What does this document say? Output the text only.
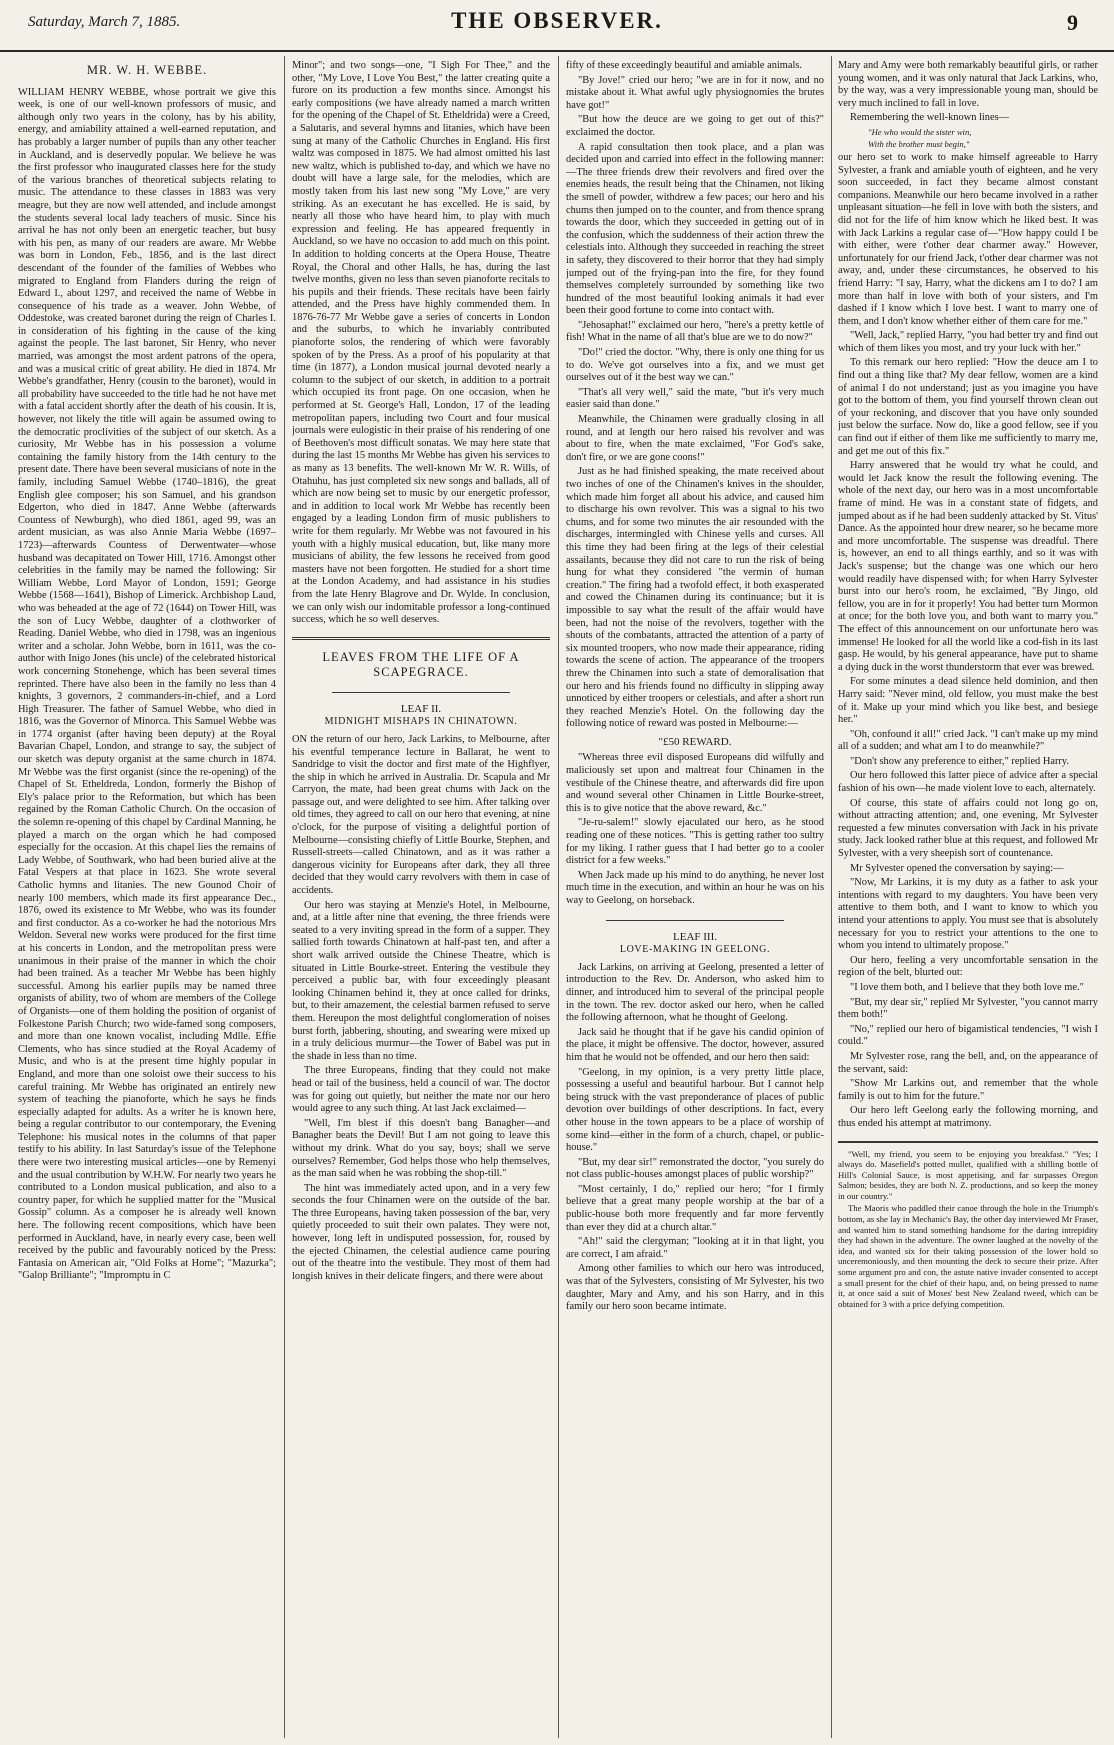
Saturday, March 7, 1885.	THE OBSERVER.	9
MR. W. H. WEBBE.

WILLIAM HENRY WEBBE, whose portrait we give this week, is one of our well-known professors of music, and although only two years in the colony, has by his ability, energy, and amiability attained a well-earned reputation, and has probably a larger number of pupils than any other teacher in Auckland, and is deservedly popular. We believe he was the first professor who inaugurated classes here for the study of the various branches of theoretical subjects relating to music. The attendance to these classes in 1883 was very meagre, but they are now well attended, and include amongst the students several local lady teachers of music. Since his arrival he has not only been an energetic teacher, but busy with his pen, as many of our readers are aware. Mr Webbe was born in London, Feb., 1856, and is the last direct descendant of the founder of the families of Webbes who migrated to England from Flanders during the reign of Edward I., about 1297, and received the name of Webbe in consequence of his trade as a weaver. John Webbe, of Oddestoke, was created baronet during the reign of Charles I. in consideration of his fighting in the cause of the king against the people. The last baronet, Sir Henry, who never married, was amongst the most ardent patrons of the opera, and was a musical critic of great ability. He died in 1874. Mr Webbe's grandfather, Henry (cousin to the baronet), would in all probability have succeeded to the title had he not have met with a fatal accident shortly after the death of his cousin. It is, however, not likely the title will again be assumed owing to the democratic proclivities of the subject of our sketch. As a curiosity, Mr Webbe has in his possession a volume containing the family history from the 14th century to the present date. There have been several musicians of note in the family, including Samuel Webbe (1740–1816), the great English glee composer; his son Samuel, and his grandson Edgerton, who died in 1847. Anne Webbe (afterwards Countess of Newburgh), who died 1861, aged 99, was an ardent musician, as was also Annie Maria Webbe (1697–1723)—afterwards Countess of Derwentwater—whose husband was decapitated on Tower Hill, 1716. Amongst other celebrities in the family may be named the following: Sir William Webbe, Lord Mayor of London, 1591; George Webbe (1568—1641), Bishop of Limerick. Archbishop Laud, who was beheaded at the age of 72 (1644) on Tower Hill, was the son of Lucy Webbe, daughter of a clothworker of Reading. Daniel Webbe, who died in 1798, was an ingenious writer and a scholar. John Webbe, born in 1611, was the co-author with Inigo Jones (his uncle) of the celebrated historical work concerning Stonehenge, which has been several times reprinted. There have also been in the family no less than 4 knights, 3 governors, 2 commanders-in-chief, and a Lord High Treasurer. The father of Samuel Webbe, who died in 1816, was the Governor of Minorca. This Samuel Webbe was in 1774 organist (after having been deputy) at the Royal Bavarian Chapel, London, and strange to say, the subject of our sketch was deputy organist at the same church in 1874. Mr Webbe was the first organist (since the re-opening) of the Chapel of St. Etheldreda, London, formerly the Bishop of Ely's palace prior to the Reformation, but which has been regained by the Roman Catholic Church. On the occasion of the solemn re-opening of this chapel by Cardinal Manning, he played a march on the organ which he had composed especially for the occasion. At this chapel lies the remains of Lady Webbe, of Southwark, who had been buried alive at the Fatal Vespers at that place in 1623. She wrote several Catholic hymns and litanies. The new Gounod Choir of nearly 100 members, which made its first appearance Dec., 1876, owed its existence to Mr Webbe, who was its founder and first conductor. As a co-worker he had the notorious Mrs Weldon. Several new works were produced for the first time at his concerts in London, and the metropolitan press were unanimous in their praise of the manner in which the choir had been trained. As a teacher Mr Webbe has been highly successful. Among his earlier pupils may be named three organists of ability, two of whom are members of the College of Organists—one of them holding the position of organist of Folkestone Parish Church; two wide-famed song composers, and more than one known vocalist, including Mdlle. Effie Clements, who has since studied at the Royal Academy of Music, and who is at the present time highly popular in England, and more than one soloist owe their success to his careful training. Mr Webbe has originated an entirely new system of teaching the pianoforte, which he says he finds especially adapted for adults. As a writer he is known here, being a regular contributor to our contemporary, the Evening Telephone: his musical notes in the columns of that paper testify to his ability. In last Saturday's issue of the Telephone there were two interesting musical articles—one by Remenyi and the usual contribution by W.H.W. For nearly two years he contributed to a London musical publication, and also to a country paper, for which he supplied matter for the "Musical Gossip" column. As a composer he is already well known here. The following recent compositions, which have been performed in Auckland, have, in nearly every case, been well received by the public and favourably noticed by the Press: Fantasia on American air, "Old Folks at Home"; "Mazurka"; "Galop Brilliante"; "Impromptu in C

Minor"; and two songs—one, "I Sigh For Thee," and the other, "My Love, I Love You Best," the latter creating quite a furore on its production a few months since. Amongst his early compositions (we have already named a march written for the opening of the Chapel of St. Etheldrida) were a Creed, a Salutaris, and several hymns and litanies, which have been sung at many of the Catholic Churches in England. His first waltz was composed in 1875. We had almost omitted his last new waltz, which is published to-day, and which we have no doubt will have a large sale, for the melodies, which are mostly taken from his last new song "My Love," are very striking. As an executant he has excelled. He is said, by nearly all those who have heard him, to play with much expression and feeling. He has appeared frequently in Auckland, so we have no occasion to add much on this point. In addition to holding concerts at the Opera House, Theatre Royal, the Choral and other Halls, he has, during the last twelve months, given no less than seven pianoforte recitals to his pupils and their friends. These recitals have been fairly attended, and the Press have highly commended them. In 1876-76-77 Mr Webbe gave a series of concerts in London and the suburbs, to which he invariably contributed pianoforte solos, the rendering of which were favorably spoken of by the Press. As a proof of his popularity at that time (in 1877), a London musical journal devoted nearly a column to the subject of our sketch, in addition to a portrait which occupied its front page. On one occasion, when he performed at St. George's Hall, London, 17 of the leading metropolitan papers, including two Court and four musical journals were eulogistic in their praise of his rendering of one of Beethoven's most difficult sonatas. We may here state that during the last 15 months Mr Webbe has given his services to as many as 13 benefits. The well-known Mr W. R. Wills, of Otahuhu, has just completed six new songs and ballads, all of which are now being set to music by our energetic professor, and in addition to local work Mr Webbe has recently been engaged by a leading London firm of music publishers to write for them regularly. Mr Webbe was not favoured in his youth with a highly musical education, but, like many more musicians of ability, the few lessons he received from good masters have not been forgotten. He studied for a short time at the London Academy, and had assistance in his studies from the late Henry Blagrove and Dr. Wylde. In conclusion, we can only wish our indomitable professor a long-continued success, which he so well deserves.

LEAVES FROM THE LIFE OF A SCAPEGRACE.
LEAF II.
MIDNIGHT MISHAPS IN CHINATOWN.

ON the return of our hero, Jack Larkins, to Melbourne, after his eventful temperance lecture in Ballarat, he went to Sandridge to visit the doctor and first mate of the Highflyer, the ship in which he arrived in Australia. Dr. Scapula and Mr Carryon, the mate, had been great chums with Jack on the passage out, and were delighted to see him. After talking over old times, they agreed to call on our hero that evening, at nine o'clock, for the purpose of visiting a delightful portion of Melbourne—consisting chiefly of Little Bourke, Stephen, and Russell-streets—called Chinatown, and as it was rather a dangerous vicinity for Europeans after dark, they all three decided that they would carry revolvers with them in case of accidents.

Our hero was staying at Menzie's Hotel, in Melbourne, and, at a little after nine that evening, the three friends were seated to a very inviting spread in the form of a supper. They sallied forth towards Chinatown at half-past ten, and after a short walk arrived outside the Chinese Theatre, which is situated in Little Bourke-street. Entering the vestibule they perceived a public bar, with four exceedingly pleasant looking Chinamen behind it, they at once called for drinks, but, to their amazement, the celestial barmen refused to serve them. Hereupon the most delightful conglomeration of noises burst forth, jabbering, shouting, and swearing were mixed up in a truly delicious murmur—the Tower of Babel was put in the shade in less than no time.

The three Europeans, finding that they could not make head or tail of the business, held a council of war. The doctor was for going out quietly, but neither the mate nor our hero would agree to any such thing. At last Jack exclaimed—

"Well, I'm blest if this doesn't bang Banagher—and Banagher beats the Devil! But I am not going to leave this without my drink. What do you say, boys; shall we serve ourselves? Remember, God helps those who help themselves, as the man said when he was robbing the shop-till."

The hint was immediately acted upon, and in a very few seconds the four Chinamen were on the outside of the bar. The three Europeans, having taken possession of the bar, very quietly proceeded to suit their own palates. They were not, however, long left in undisputed possession, for, roused by the ejected Chinamen, the celestial audience came pouring out of the theatre into the vestibule. They most of them had longish knives in their delicate fingers, and there were about

fifty of these exceedingly beautiful and amiable animals.

"By Jove!" cried our hero; "we are in for it now, and no mistake about it. What awful ugly physiognomies the brutes have got!"

"But how the deuce are we going to get out of this?" exclaimed the doctor.

A rapid consultation then took place, and a plan was decided upon and carried into effect in the following manner:—The three friends drew their revolvers and fired over the enemies heads, the result being that the Chinamen, not liking the smell of powder, withdrew a few paces; our hero and his chums then jumped on to the counter, and from thence sprang towards the door, which they succeeded in getting out of in the confusion, which the suddenness of their action threw the celestials into. Although they succeeded in reaching the street in safety, they discovered to their horror that they had simply jumped out of the frying-pan into the fire, for they found themselves completely surrounded by something like two hundred of the most beautiful looking animals it had ever been their good fortune to come into contact with.

"Jehosaphat!" exclaimed our hero, "here's a pretty kettle of fish! What in the name of all that's blue are we to do now?"

"Do!" cried the doctor. "Why, there is only one thing for us to do. We've got ourselves into a fix, and we must get ourselves out of it the best way we can."

"That's all very well," said the mate, "but it's very much easier said than done."

Meanwhile, the Chinamen were gradually closing in all round, and at length our hero raised his revolver and was about to fire, when the mate exclaimed, "For God's sake, don't fire, or we are gone coons!"

Just as he had finished speaking, the mate received about two inches of one of the Chinamen's knives in the shoulder, which made him forget all about his advice, and caused him to discharge his own revolver. This was a signal to his two chums, and for some two minutes the air resounded with the discharges, intermingled with Chinese yells and curses. All this time they had been firing at the legs of their celestial assailants, because they did not care to run the risk of being hung for what they considered "the vermin of human creation." The firing had a twofold effect, it both exasperated and cowed the Chinamen during its continuance; but it is impossible to say what the result of the affair would have been, had not the noise of the revolvers, together with the shouts of the combatants, attracted the attention of a party of six mounted troopers, who now made their appearance, riding towards the scene of action. The appearance of the troopers threw the Chinamen into such a state of demoralisation that our hero and his friends found no difficulty in slipping away unnoticed by either troopers or celestials, and after a short run they reached Menzie's Hotel. On the following day the following notice of reward was posted in Melbourne:—

"£50 REWARD.

"Whereas three evil disposed Europeans did wilfully and maliciously set upon and maltreat four Chinamen in the vestibule of the Chinese theatre, and afterwards did fire upon and wound several other Chinamen in Little Bourke-street, this is to give notice that the above reward, &c."

"Je-ru-salem!" slowly ejaculated our hero, as he stood reading one of these notices. "This is getting rather too sultry for my liking. I rather guess that I had better go to a cooler district for a few weeks."

When Jack made up his mind to do anything, he never lost much time in the execution, and within an hour he was on his way to Geelong, on horseback.

LEAF III.
LOVE-MAKING IN GEELONG.

Jack Larkins, on arriving at Geelong, presented a letter of introduction to the Rev. Dr. Anderson, who asked him to dinner, and introduced him to several of the principal people in the town. The rev. doctor asked our hero, when he called the following afternoon, what he thought of Geelong.

Jack said he thought that if he gave his candid opinion of the place, it might be offensive. The doctor, however, assured him that he would not be offended, and our hero then said:

"Geelong, in my opinion, is a very pretty little place, possessing a useful and beautiful harbour. But I cannot help being struck with the vast preponderance of places of public devotion over buildings of other descriptions. In fact, every other house in the town appears to be a place of worship of some kind—either in the form of a church, chapel, or public-house."

"But, my dear sir!" remonstrated the doctor, "you surely do not class public-houses amongst places of public worship?"

"Most certainly, I do," replied our hero; "for I firmly believe that a great many people worship at the bar of a public-house both more frequently and far more fervently than ever they did at a church altar."

"Ah!" said the clergyman; "looking at it in that light, you are correct, I am afraid."

Among other families to which our hero was introduced, was that of the Sylvesters, consisting of Mr Sylvester, his two daughter, Mary and Amy, and his son Harry, and in this family our hero soon became intimate.

Mary and Amy were both remarkably beautiful girls, or rather young women, and it was only natural that Jack Larkins, who, by the way, was a very impressionable young man, should be very much inclined to fall in love.

Remembering the well-known lines—

"He who would the sister win,
With the brother must begin,"

our hero set to work to make himself agreeable to Harry Sylvester, a frank and amiable youth of eighteen, and he very soon succeeded, in fact they became almost constant companions. Meanwhile our hero became involved in a rather unpleasant situation—he fell in love with both the sisters, and did not for the life of him know which he liked best. It was with Jack Larkins a regular case of—"How happy could I be with either, were t'other dear charmer away." However, unfortunately for our friend Jack, t'other dear charmer was not away, and, under these circumstances, he observed to his friend Harry: "I say, Harry, what the dickens am I to do? I am more than half in love with both of your sisters, and I'm dashed if I know which I love best. I want to marry one of them, and I don't know whether either of them care for me."

"Well, Jack," replied Harry, "you had better try and find out which of them likes you most, and try your luck with her."

To this remark our hero replied: "How the deuce am I to find out a thing like that? My dear fellow, women are a kind of animal I do not understand; just as you imagine you have got to the bottom of them, you find yourself thrown clean out of your reckoning, and discover that you have only sounded just below the surface. Now do, like a good fellow, see if you can find out if either of them like me sufficiently to marry me, and get me out of this fix."

Harry answered that he would try what he could, and would let Jack know the result the following evening. The whole of the next day, our hero was in a most uncomfortable frame of mind. He was in a constant state of fidgets, and jumped about as if he had been suddenly attacked by St. Vitus' Dance. As the appointed hour drew nearer, so he became more and more uncomfortable. The suspense was dreadful. There is, however, an end to all things earthly, and so it was with Jack's suspense; but the change was one which our hero would readily have dispensed with; for when Harry Sylvester burst into our hero's room, he exclaimed, "By Jingo, old fellow, you are in for it properly! You had better turn Mormon at once; for the both love you, and both want to marry you." The effect of this announcement on our unfortunate hero was immense! He looked for all the world like a cod-fish in its last gasp. He would, by his general appearance, have put to shame a dying duck in the worst thunderstorm that ever was brewed.

For some minutes a dead silence held dominion, and then Harry said: "Never mind, old fellow, you must make the best of it. Make up your mind which you like best, and besiege her."

"Oh, confound it all!" cried Jack. "I can't make up my mind all of a sudden; and what am I to do meanwhile?"

"Don't show any preference to either," replied Harry.

Our hero followed this latter piece of advice after a special fashion of his own—he made violent love to each, alternately.

Of course, this state of affairs could not long go on, without attracting attention; and, one evening, Mr Sylvester requested a few minutes conversation with Jack in his private study. Jack looked rather blue at this request, and followed Mr Sylvester, with a very sheepish sort of countenance.

Mr Sylvester opened the conversation by saying:—

"Now, Mr Larkins, it is my duty as a father to ask your intentions with regard to my daughters. You have been very attentive to them both, and I want to know to which you intend your attentions to apply. You must see that is absolutely necessary for you to restrict your attentions to the one to whom you intend to ultimately propose."

Our hero, feeling a very uncomfortable sensation in the region of the belt, blurted out:

"I love them both, and I believe that they both love me."

"But, my dear sir," replied Mr Sylvester, "you cannot marry them both!"

"No," replied our hero of bigamistical tendencies, "I wish I could."

Mr Sylvester rose, rang the bell, and, on the appearance of the servant, said:

"Show Mr Larkins out, and remember that the whole family is out to him for the future."

Our hero left Geelong early the following morning, and thus ended his attempt at matrimony.

"Well, my friend, you seem to be enjoying you breakfast." "Yes; I always do. Masefield's potted mullet, qualified with a shilling bottle of Hill's Colonial Sauce, is most appetising, and far surpasses Oregon Salmon; besides, they are both N. Z. productions, and so keep the money in our country."

The Maoris who paddled their canoe through the hole in the Triumph's bottom, as she lay in Mechanic's Bay, the other day interviewed Mr Fraser, and wanted him to stand something handsome for the daring intrepidity they had shown in the adventure. The owner laughed at the novelty of the idea, and wanted six for their taking possession of the lower hold so unceremoniously, and then mounting the deck to secure their prize. After some argument pro and con, the astute native invader consented to accept a small present for the chief of their hapu, and, on being pressed to name it, at once said a suit of Moses' best New Zealand tweed, which can be obtained for 3 with a price defying competition.
